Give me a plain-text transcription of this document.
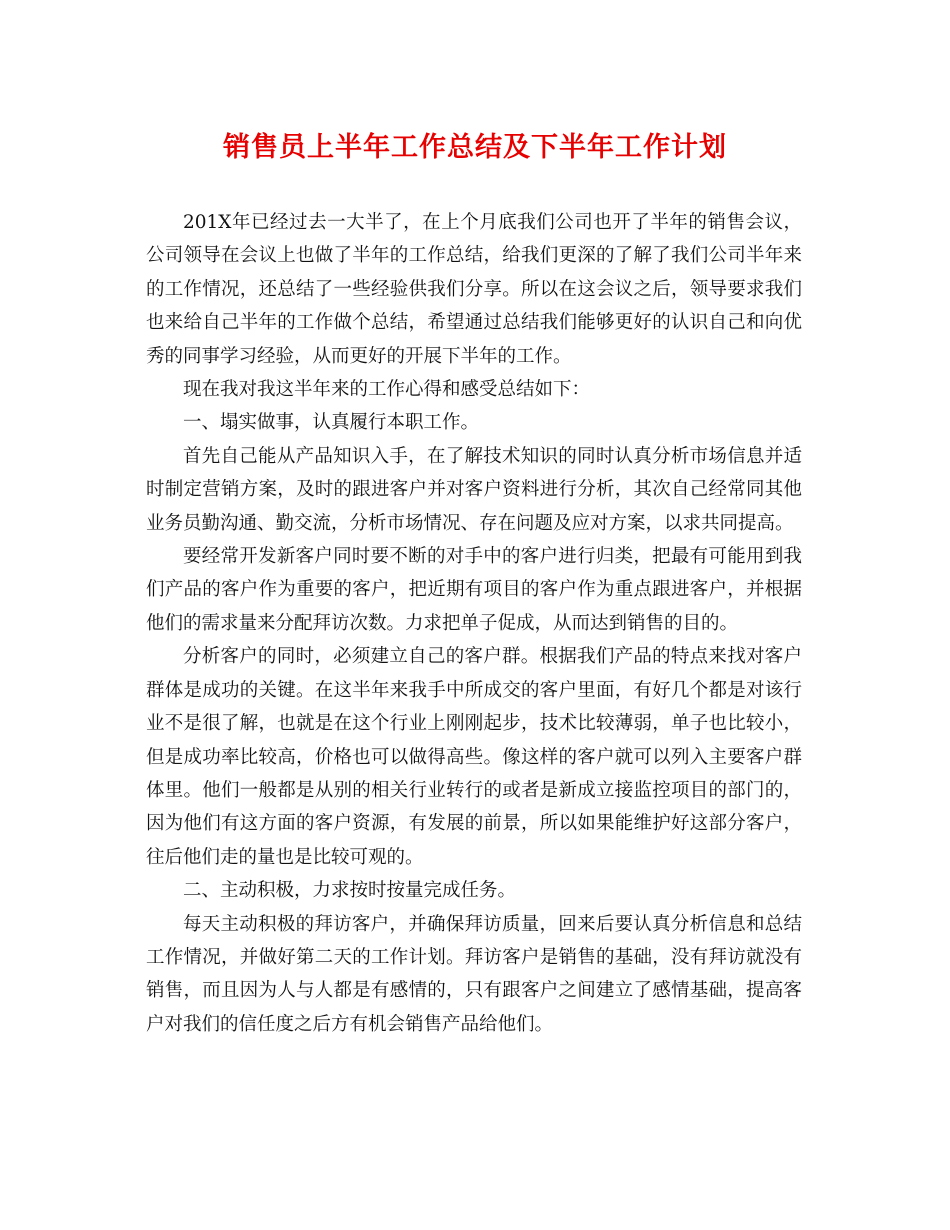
销售员上半年工作总结及下半年工作计划

201X年已经过去一大半了，在上个月底我们公司也开了半年的销售会议，公司领导在会议上也做了半年的工作总结，给我们更深的了解了我们公司半年来的工作情况，还总结了一些经验供我们分享。所以在这会议之后，领导要求我们也来给自己半年的工作做个总结，希望通过总结我们能够更好的认识自己和向优秀的同事学习经验，从而更好的开展下半年的工作。

现在我对我这半年来的工作心得和感受总结如下：

一、塌实做事，认真履行本职工作。

首先自己能从产品知识入手，在了解技术知识的同时认真分析市场信息并适时制定营销方案，及时的跟进客户并对客户资料进行分析，其次自己经常同其他业务员勤沟通、勤交流，分析市场情况、存在问题及应对方案，以求共同提高。

要经常开发新客户同时要不断的对手中的客户进行归类，把最有可能用到我们产品的客户作为重要的客户，把近期有项目的客户作为重点跟进客户，并根据他们的需求量来分配拜访次数。力求把单子促成，从而达到销售的目的。

分析客户的同时，必须建立自己的客户群。根据我们产品的特点来找对客户群体是成功的关键。在这半年来我手中所成交的客户里面，有好几个都是对该行业不是很了解，也就是在这个行业上刚刚起步，技术比较薄弱，单子也比较小，但是成功率比较高，价格也可以做得高些。像这样的客户就可以列入主要客户群体里。他们一般都是从别的相关行业转行的或者是新成立接监控项目的部门的，因为他们有这方面的客户资源，有发展的前景，所以如果能维护好这部分客户，往后他们走的量也是比较可观的。

二、主动积极，力求按时按量完成任务。

每天主动积极的拜访客户，并确保拜访质量，回来后要认真分析信息和总结工作情况，并做好第二天的工作计划。拜访客户是销售的基础，没有拜访就没有销售，而且因为人与人都是有感情的，只有跟客户之间建立了感情基础，提高客户对我们的信任度之后方有机会销售产品给他们。
